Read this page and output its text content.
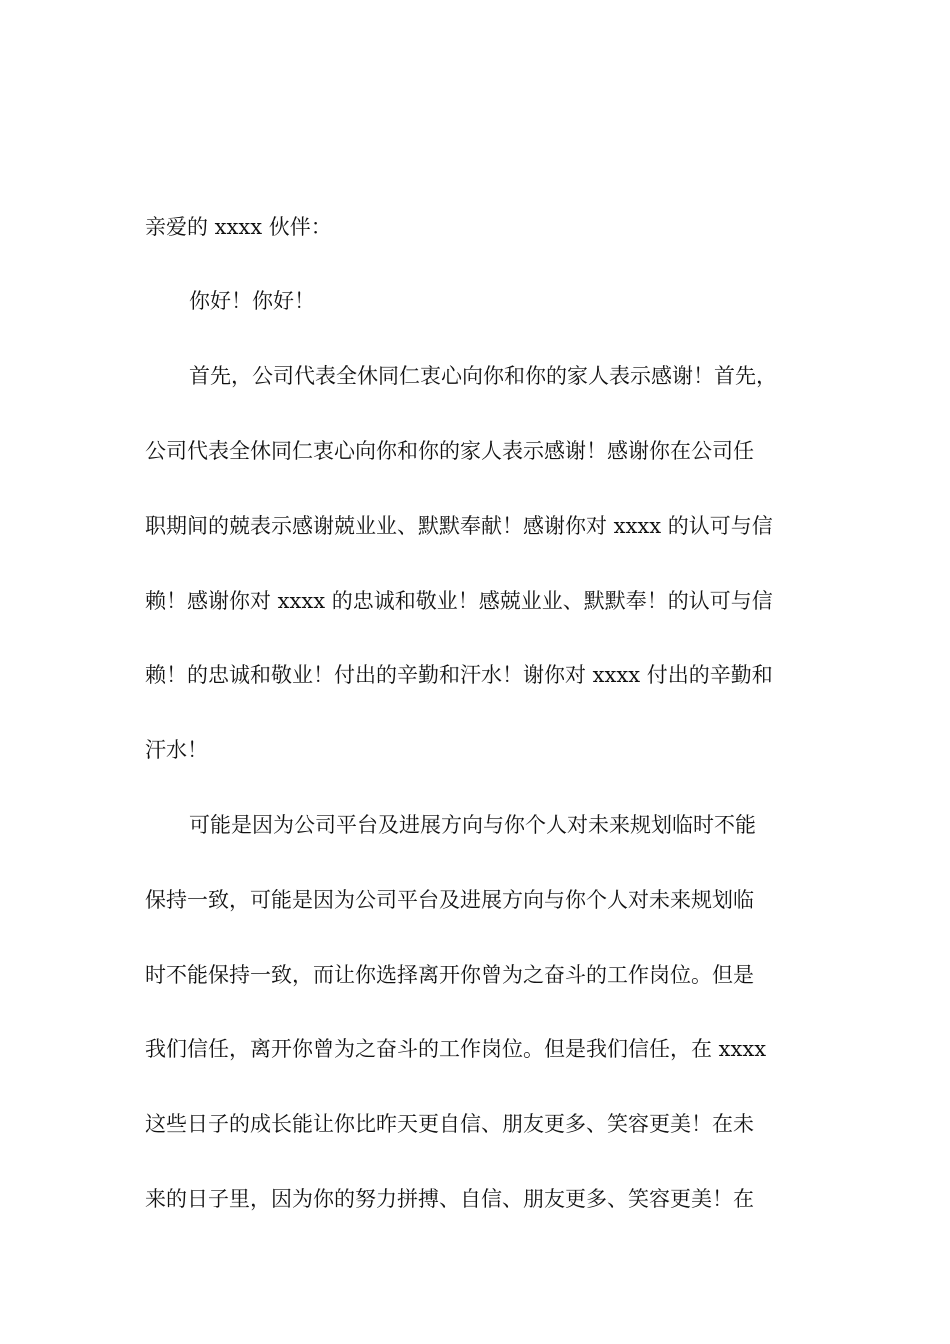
亲爱的 xxxx 伙伴：

你好！你好！

首先，公司代表全休同仁衷心向你和你的家人表示感谢！首先，

公司代表全休同仁衷心向你和你的家人表示感谢！感谢你在公司任

职期间的兢表示感谢兢业业、默默奉献！感谢你对 xxxx 的认可与信

赖！感谢你对 xxxx 的忠诚和敬业！感兢业业、默默奉！的认可与信

赖！的忠诚和敬业！付出的辛勤和汗水！谢你对 xxxx 付出的辛勤和

汗水！

可能是因为公司平台及进展方向与你个人对未来规划临时不能

保持一致，可能是因为公司平台及进展方向与你个人对未来规划临

时不能保持一致，而让你选择离开你曾为之奋斗的工作岗位。但是

我们信任，离开你曾为之奋斗的工作岗位。但是我们信任，在 xxxx

这些日子的成长能让你比昨天更自信、朋友更多、笑容更美！在未

来的日子里，因为你的努力拼搏、自信、朋友更多、笑容更美！在
